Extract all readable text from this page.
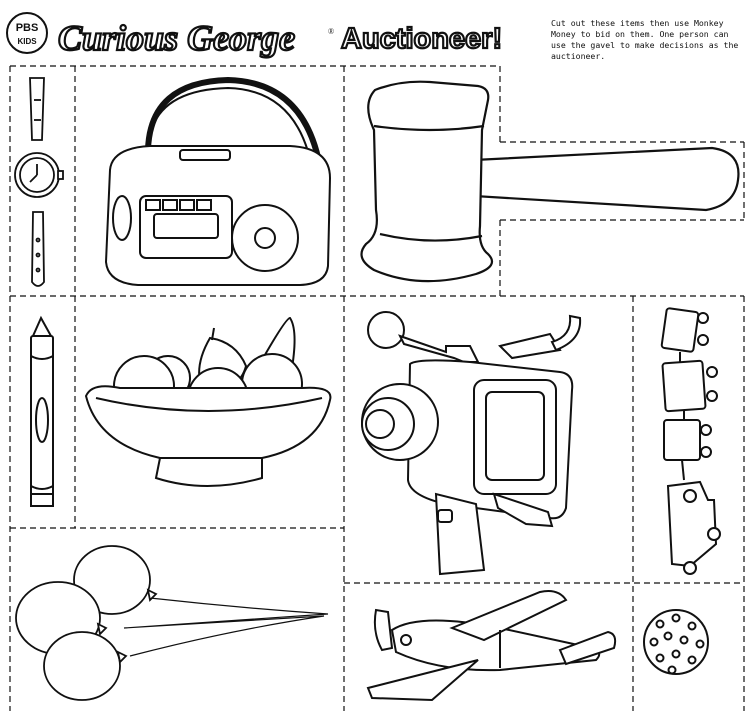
PBS
KIDS Curious George	® Auctioneer!	Cut out these items then use Monkey Money to bid on them. One person can use the gavel to make decisions as the auctioneer.
